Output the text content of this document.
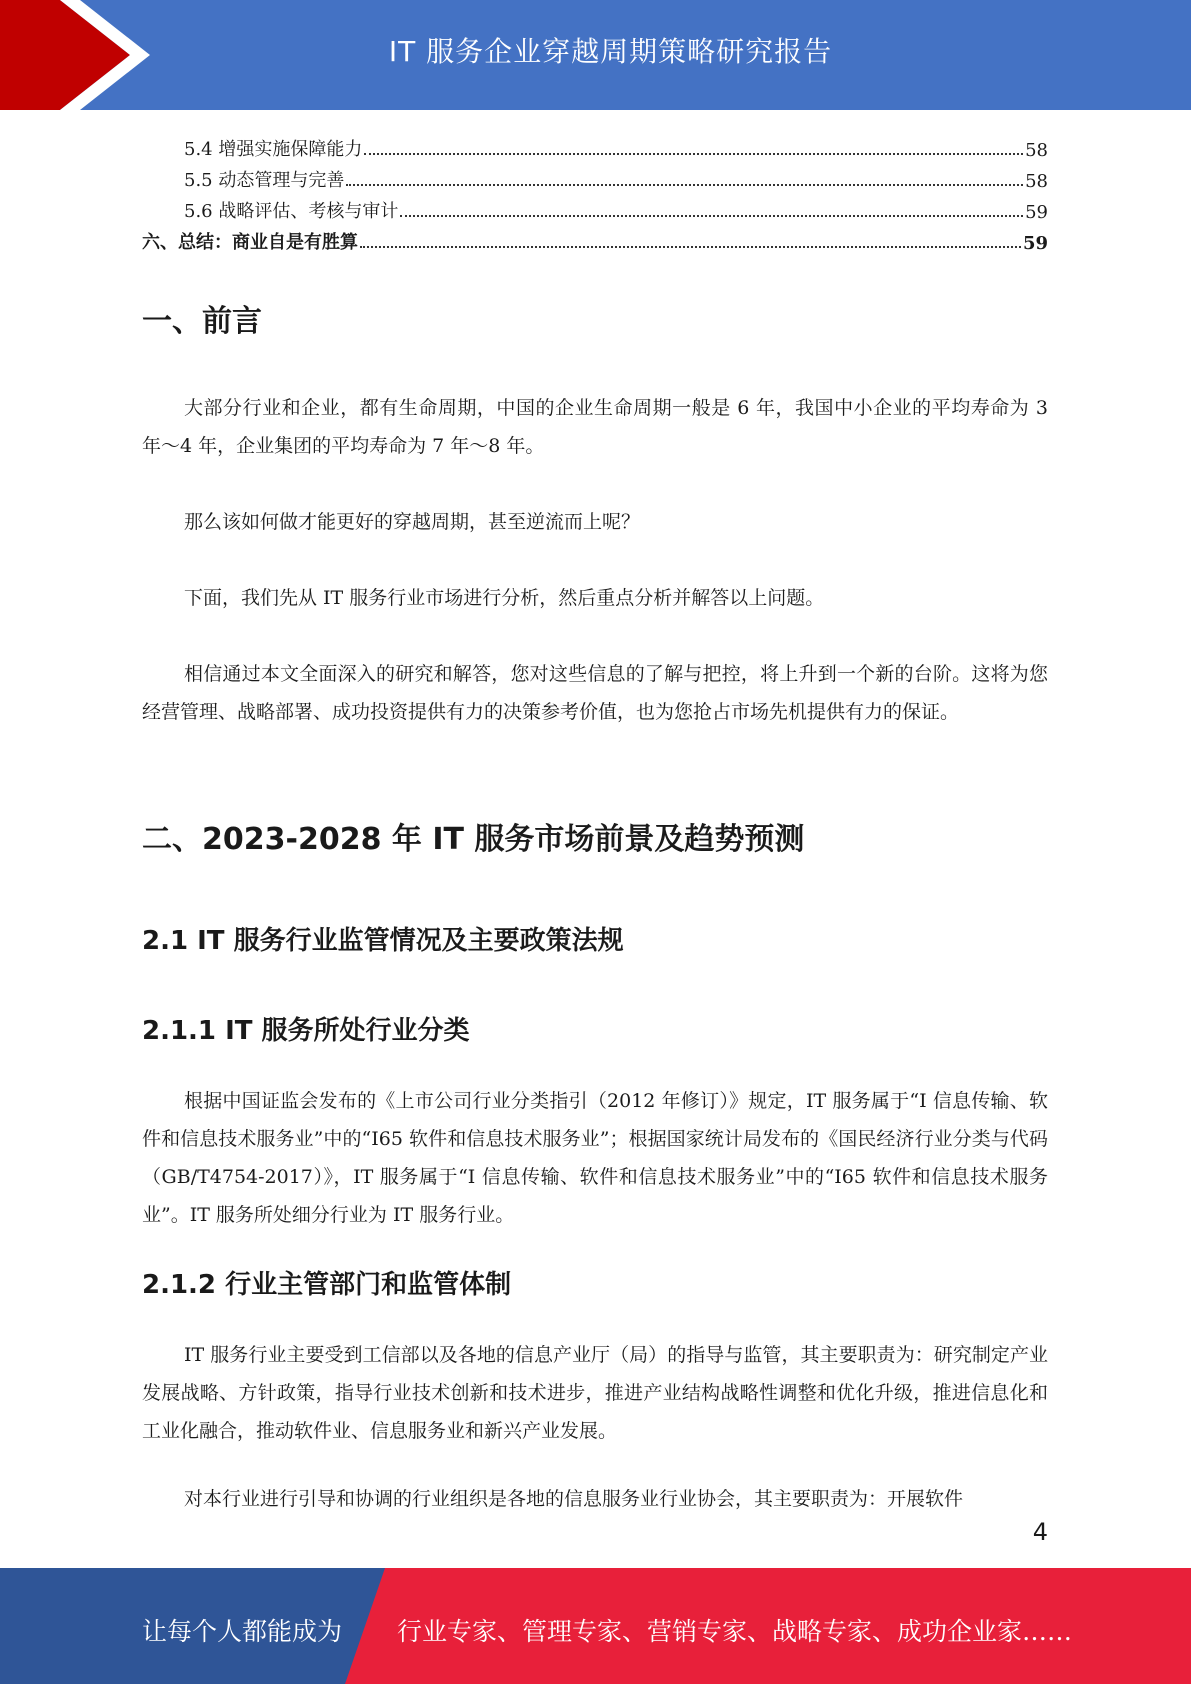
IT 服务企业穿越周期策略研究报告
5.4 增强实施保障能力	58
5.5 动态管理与完善	58
5.6 战略评估、考核与审计	59
六、总结：商业自是有胜算	59
一、前言
大部分行业和企业，都有生命周期，中国的企业生命周期一般是 6 年，我国中小企业的平均寿命为 3 年～4 年，企业集团的平均寿命为 7 年～8 年。
那么该如何做才能更好的穿越周期，甚至逆流而上呢？
下面，我们先从 IT 服务行业市场进行分析，然后重点分析并解答以上问题。
相信通过本文全面深入的研究和解答，您对这些信息的了解与把控，将上升到一个新的台阶。这将为您经营管理、战略部署、成功投资提供有力的决策参考价值，也为您抢占市场先机提供有力的保证。
二、2023-2028 年 IT 服务市场前景及趋势预测
2.1 IT 服务行业监管情况及主要政策法规
2.1.1 IT 服务所处行业分类
根据中国证监会发布的《上市公司行业分类指引（2012 年修订）》规定，IT 服务属于“I 信息传输、软件和信息技术服务业”中的“I65 软件和信息技术服务业”；根据国家统计局发布的《国民经济行业分类与代码（GB/T4754-2017）》，IT 服务属于“I 信息传输、软件和信息技术服务业”中的“I65 软件和信息技术服务业”。IT 服务所处细分行业为 IT 服务行业。
2.1.2 行业主管部门和监管体制
IT 服务行业主要受到工信部以及各地的信息产业厅（局）的指导与监管，其主要职责为：研究制定产业发展战略、方针政策，指导行业技术创新和技术进步，推进产业结构战略性调整和优化升级，推进信息化和工业化融合，推动软件业、信息服务业和新兴产业发展。
对本行业进行引导和协调的行业组织是各地的信息服务业行业协会，其主要职责为：开展软件
4
让每个人都能成为 行业专家、管理专家、营销专家、战略专家、成功企业家……
